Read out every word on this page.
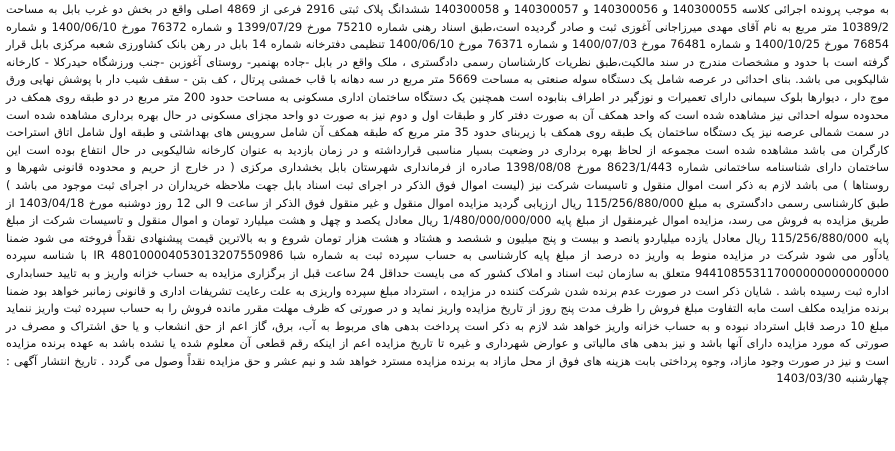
به موجب پرونده اجرائی کلاسه 140300055 و 140300056 و 140300057 و 140300058 ششدانگ پلاک ثبتی 2916 فرعی از 4869 اصلی واقع در بخش دو غرب بابل به مساحت 10389/2 متر مربع به نام آقای مهدی میرزاجانی آغوزی ثبت و صادر گردیده است،طبق اسناد رهنی شماره 75210 مورخ 1399/07/29 و شماره 76372 مورخ 1400/06/10 و شماره 76854 مورخ 1400/10/25 و شماره 76481 مورخ 1400/07/03 و شماره 76371 مورخ 1400/06/10 تنظیمی دفترخانه شماره 14 بابل در رهن بانک کشاورزی شعبه مرکزی بابل قرار گرفته است با حدود و مشخصات مندرج در سند مالکیت،طبق نظریات کارشناسان رسمی دادگستری ، ملک واقع در بابل -جاده بهنمیر- روستای آغوزبن -جنب ورزشگاه حیدرکلا - کارخانه شالیکوبی می باشد. بنای احداثی در عرصه شامل یک دستگاه سوله صنعتی به مساحت 5669 متر مربع در سه دهانه با قاب خمشی پرتال ، کف بتن - سقف شیب دار با پوشش نهایی ورق موج دار ، دیوارها بلوک سیمانی دارای تعمیرات و نوزگیر در اطراف بنابوده است همچنین یک دستگاه ساختمان اداری مسکونی به مساحت حدود 200 متر مربع در دو طبقه روی همکف در محدوده سوله احداثی نیز مشاهده شده است که واحد همکف آن به صورت دفتر کار و طبقات اول و دوم نیز به صورت دو واحد مجزای مسکونی در حال بهره برداری مشاهده شده است در سمت شمالی عرصه نیز یک دستگاه ساختمان یک طبقه روی همکف با زیربنای حدود 35 متر مربع که طبقه همکف آن شامل سرویس های بهداشتی و طبقه اول شامل اتاق استراحت کارگران می باشد مشاهده شده است مجموعه از لحاظ بهره برداری در وضعیت بسیار مناسبی قرارداشته و در زمان بازدید به عنوان کارخانه شالیکوبی در حال انتفاع بوده است این ساختمان دارای شناسنامه ساختمانی شماره 8623/1/443 مورخ 1398/08/08 صادره از فرمانداری شهرستان بابل بخشداری مرکزی ( در خارج از حریم و محدوده قانونی شهرها و روستاها ) می باشد لازم به ذکر است اموال منقول و تاسیسات شرکت نیز (لیست اموال فوق الذکر در اجرای ثبت اسناد بابل جهت ملاحظه خریداران در اجرای ثبت موجود می باشد ) طبق کارشناسی رسمی دادگستری به مبلغ 115/256/880/000 ریال ارزیابی گردید مزایده اموال منقول و غیر منقول فوق الذکر از ساعت 9 الی 12 روز دوشنبه مورخ 1403/04/18 از طریق مزایده به فروش می رسد، مزایده اموال غیرمنقول از مبلغ پایه 1/480/000/000/000 ریال معادل یکصد و چهل و هشت میلیارد تومان و اموال منقول و تاسیسات شرکت از مبلغ پایه 115/256/880/000 ریال معادل یازده میلیاردو یانصد و بیست و پنج میلیون و ششصد و هشتاد و هشت هزار تومان شروع و به بالاترین قیمت پیشنهادی نقداً فروخته می شود ضمنا یادآور می شود شرکت در مزایده منوط به واریز ده درصد از مبلغ پایه کارشناسی به حساب سپرده ثبت به شماره شبا 480100004053013207550986 IR با شناسه سپرده 944108553117000000000000000 متعلق به سازمان ثبت اسناد و املاک کشور که می بایست حداقل 24 ساعت قبل از برگزاری مزایده به حساب خزانه واریز و به تایید حسابداری اداره ثبت رسیده باشد . شایان ذکر است در صورت عدم برنده شدن شرکت کننده در مزایده ، استرداد مبلغ سپرده واریزی به علت رعایت تشریفات اداری و قانونی زمانبر خواهد بود ضمنا برنده مزایده مکلف است مابه التفاوت مبلغ فروش را ظرف مدت پنج روز از تاریخ مزایده واریز نماید و در صورتی که ظرف مهلت مقرر مانده فروش را به حساب سپرده ثبت واریز ننماید مبلغ 10 درصد قابل استرداد نبوده و به حساب خزانه واریز خواهد شد لازم به ذکر است پرداخت بدهی های مربوط به آب، برق، گاز اعم از حق انشعاب و یا حق اشتراک و مصرف در صورتی که مورد مزایده دارای آنها باشد و نیز بدهی های مالیاتی و عوارض شهرداری و غیره تا تاریخ مزایده اعم از اینکه رقم قطعی آن معلوم شده یا نشده باشد به عهده برنده مزایده است و نیز در صورت وجود مازاد، وجوه پرداختی بابت هزینه های فوق از محل مازاد به برنده مزایده مسترد خواهد شد و نیم عشر و حق مزایده نقداً وصول می گردد . تاریخ انتشار آگهی : چهارشنبه 1403/03/30
